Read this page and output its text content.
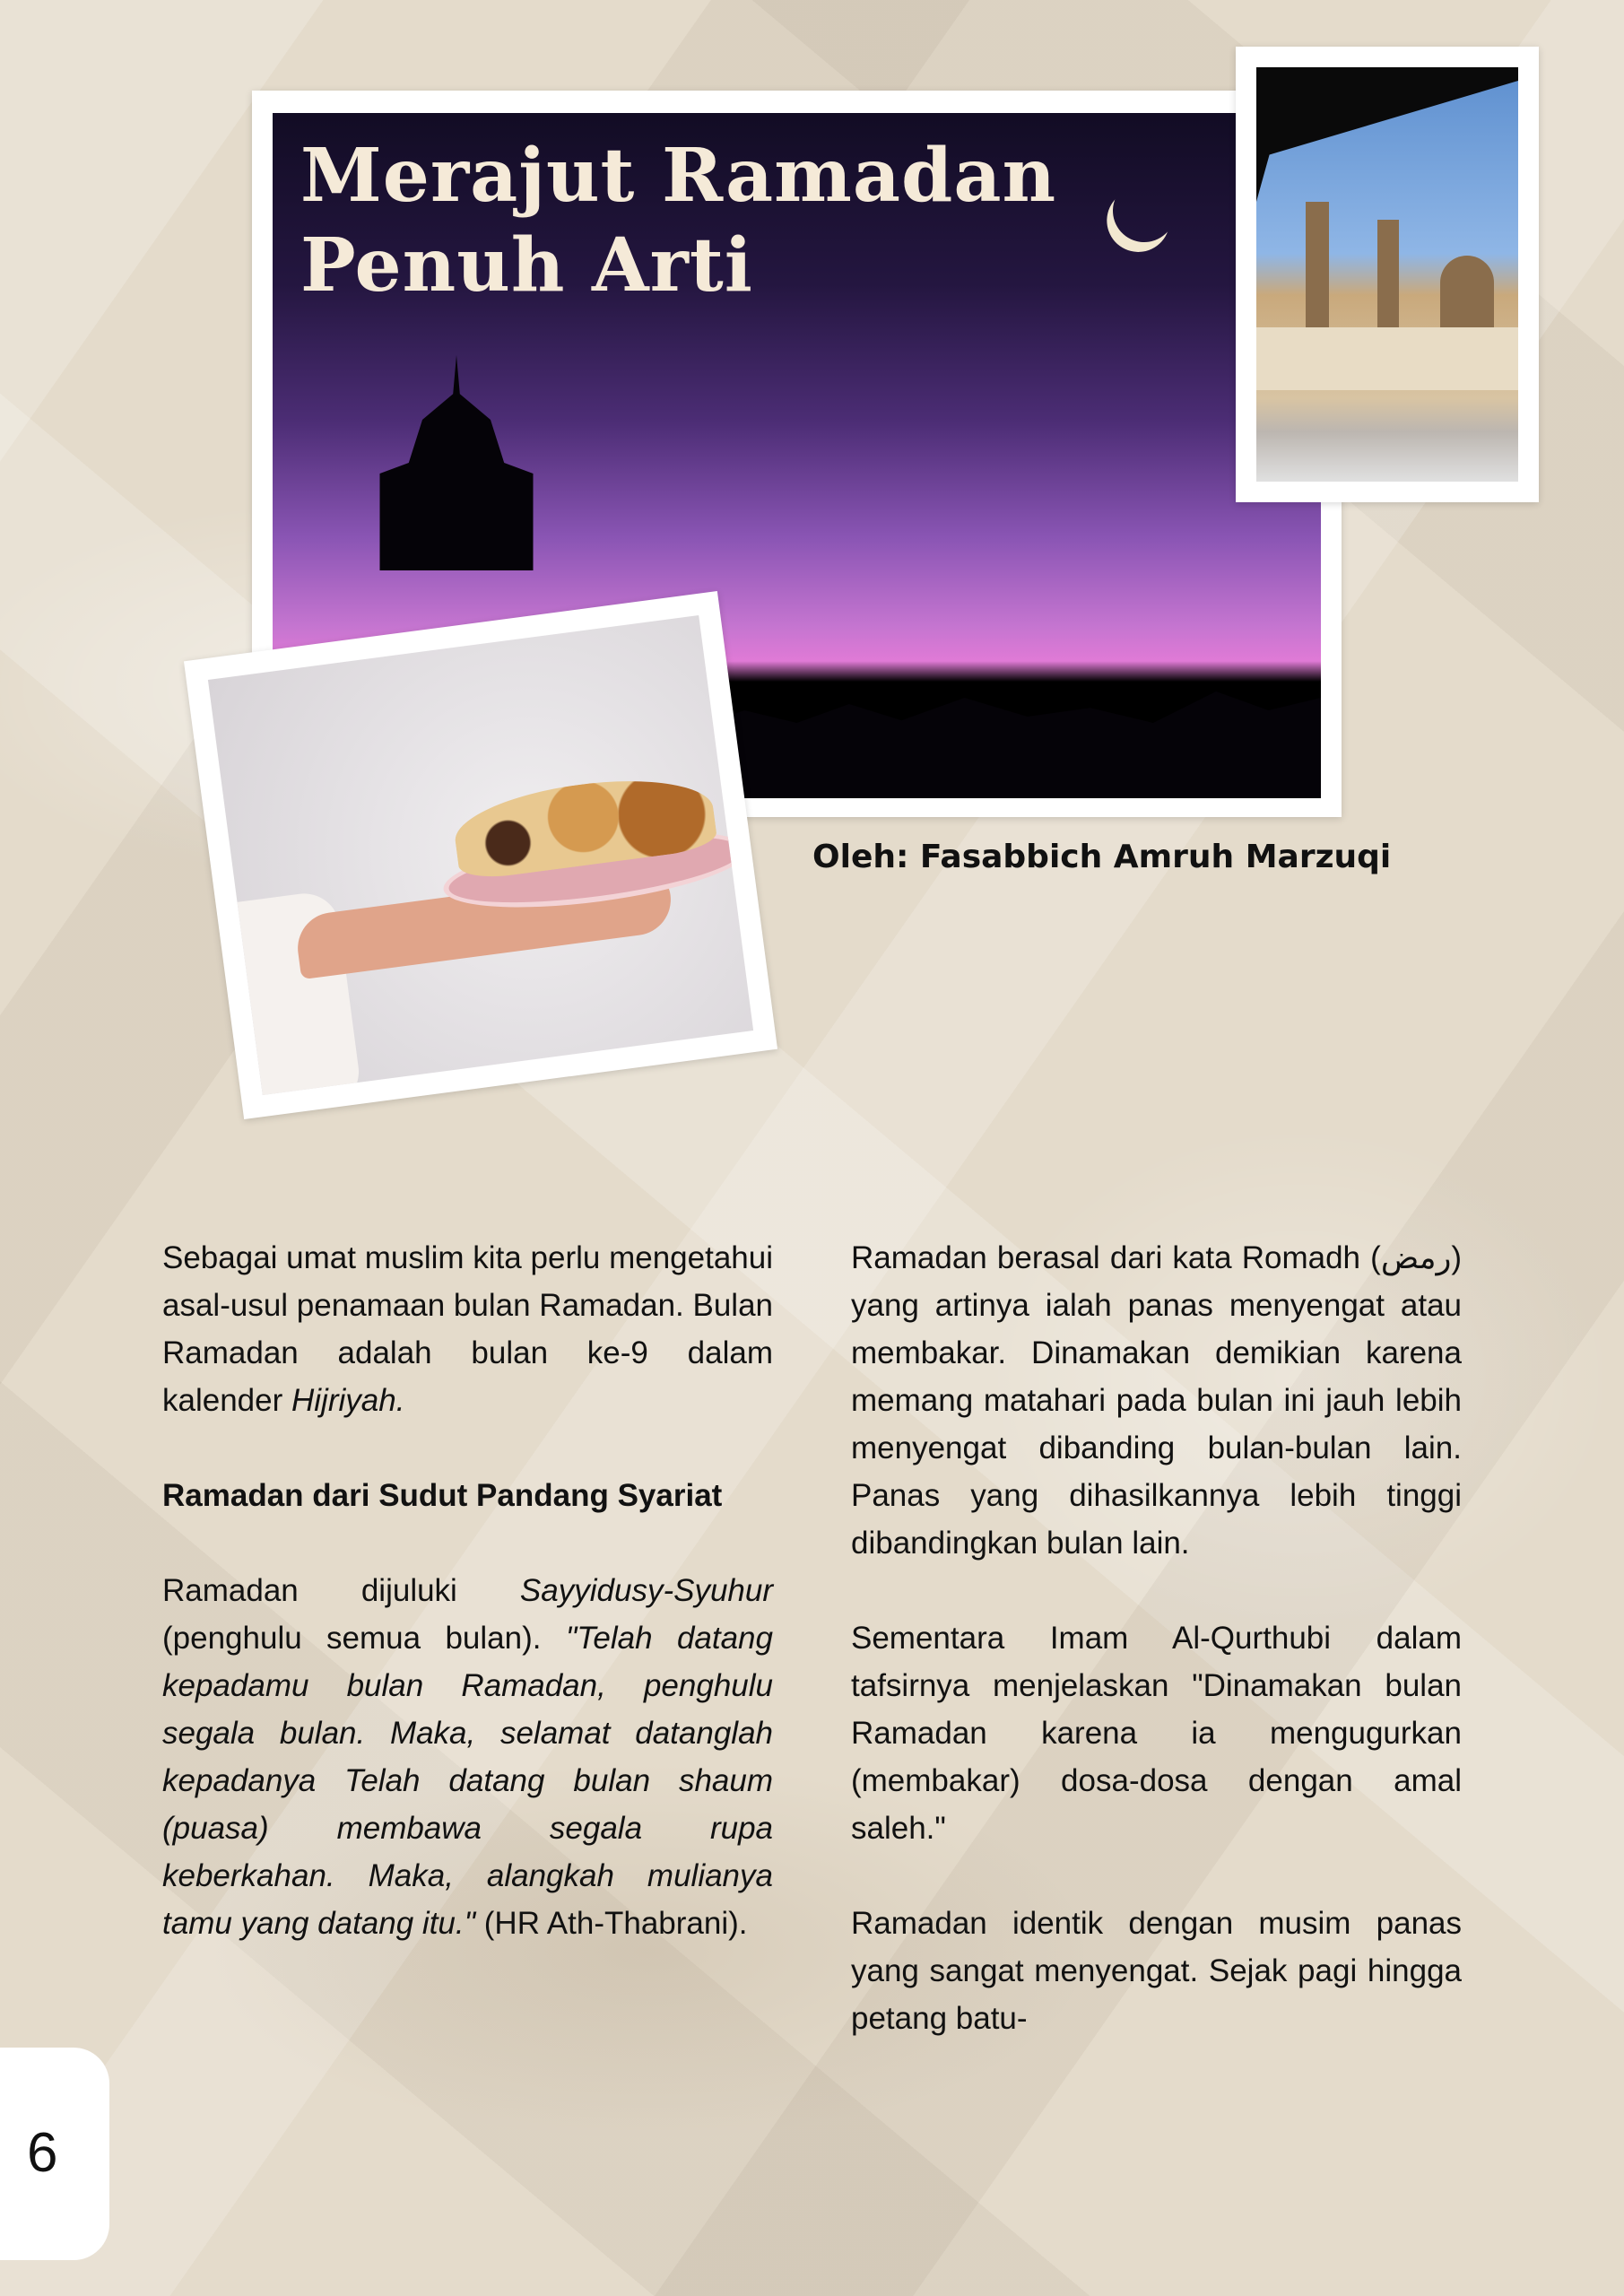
Merajut Ramadan
Penuh Arti

Oleh: Fasabbich Amruh Marzuqi

Sebagai umat muslim kita perlu mengetahui asal-usul penamaan bulan Ramadan. Bulan Ramadan adalah bulan ke-9 dalam kalender Hijriyah.

Ramadan dari Sudut Pandang Syariat

Ramadan dijuluki Sayyidusy-Syuhur (penghulu semua bulan). "Telah datang kepadamu bulan Ramadan, penghulu segala bulan. Maka, selamat datanglah kepadanya Telah datang bulan shaum (puasa) membawa segala rupa keberkahan. Maka, alangkah mulianya tamu yang datang itu." (HR Ath-Thabrani).

Ramadan berasal dari kata Romadh (رمض) yang artinya ialah panas menyengat atau membakar. Dinamakan demikian karena memang matahari pada bulan ini jauh lebih menyengat dibanding bulan-bulan lain. Panas yang dihasilkannya lebih tinggi dibandingkan bulan lain.

Sementara Imam Al-Qurthubi dalam tafsirnya menjelaskan "Dinamakan bulan Ramadan karena ia mengugurkan (membakar) dosa-dosa dengan amal saleh."

Ramadan identik dengan musim panas yang sangat menyengat. Sejak pagi hingga petang batu-

6
